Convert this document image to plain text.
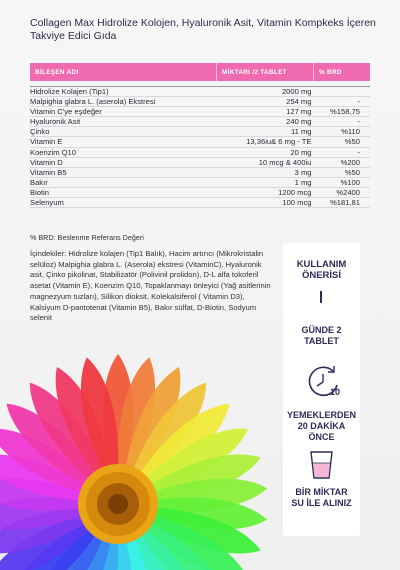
Collagen Max Hidrolize Kolojen, Hyaluronik Asit, Vitamin Kompkeks İçeren Takviye Edici Gıda
BİLEŞEN ADI	MİKTARI /2 TABLET	% BRD

Hidrolize Kolajen (Tip1)	2000 mg	
Malpighia glabra L. (aserola) Ekstresi	254 mg	-
Vitamin C'ye eşdeğer	127 mg	%158,75
Hyaluronik Asit	240 mg	-
Çinko	11 mg	%110
Vitamin E	13,36iu& 6 mg - TE	%50
Koenzim Q10	20 mg	-
Vitamin D	10 mcg & 400iu	%200
Vitamin B5	3 mg	%50
Bakır	1 mg	%100
Biotin	1200 mcg	%2400
Selenyum	100 mcg	%181,81
% BRD: Beslenme Referans Değeri
İçindekiler: Hidrolize kolajen (Tip1 Balık), Hacim artırıcı (Mikrokristalin selüloz) Malpighia glabra L. (Aserola) ekstresi (VitaminC), Hyaluronik asit, Çinko pikolinat, Stabilizatör (Polivinil prolidon), D-L alfa tokoferil asetat (Vitamin E), Koenzim Q10, Topaklanmayı önleyici (Yağ asitlerinin magnezyum tuzları), Silikon dioksit, Kolekalsiferol ( Vitamin D3), Kalsiyum D-pantotenat (Vitamin B5), Bakır sülfat, D-Biotin, Sodyum selenit
KULLANIM
ÖNERİSİ
GÜNDE 2
TABLET
10
YEMEKLERDEN
20 DAKİKA
ÖNCE
BİR MİKTAR
SU İLE ALINIZ
